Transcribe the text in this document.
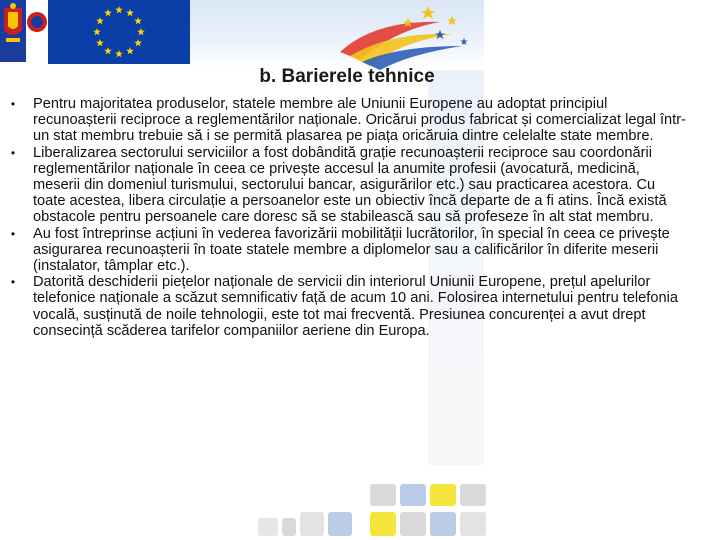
b. Barierele tehnice
•	Pentru majoritatea produselor, statele membre ale Uniunii Europene au adoptat principiul recunoașterii reciproce a reglementărilor naționale. Oricărui produs fabricat și comercializat legal într-un stat membru trebuie să i se permită plasarea pe piața oricăruia dintre celelalte state membre.
•	Liberalizarea sectorului serviciilor a fost dobândită grație recunoașterii reciproce sau coordonării reglementărilor naționale în ceea ce privește accesul la anumite profesii (avocatură, medicină, meserii din domeniul turismului, sectorului bancar, asigurărilor etc.) sau practicarea acestora. Cu toate acestea, libera circulație a persoanelor este un obiectiv încă departe de a fi atins. Încă există obstacole pentru persoanele care doresc să se stabilească sau să profeseze în alt stat membru.
•	Au fost întreprinse acțiuni în vederea favorizării mobilității lucrătorilor, în special în ceea ce privește asigurarea recunoașterii în toate statele membre a diplomelor sau a calificărilor în diferite meserii (instalator, tâmplar etc.).
•	Datorită deschiderii piețelor naționale de servicii din interiorul Uniunii Europene, prețul apelurilor telefonice naționale a scăzut semnificativ față de acum 10 ani. Folosirea internetului pentru telefonia vocală, susținută de noile tehnologii, este tot mai frecventă. Presiunea concurenței a avut drept consecință scăderea tarifelor companiilor aeriene din Europa.
